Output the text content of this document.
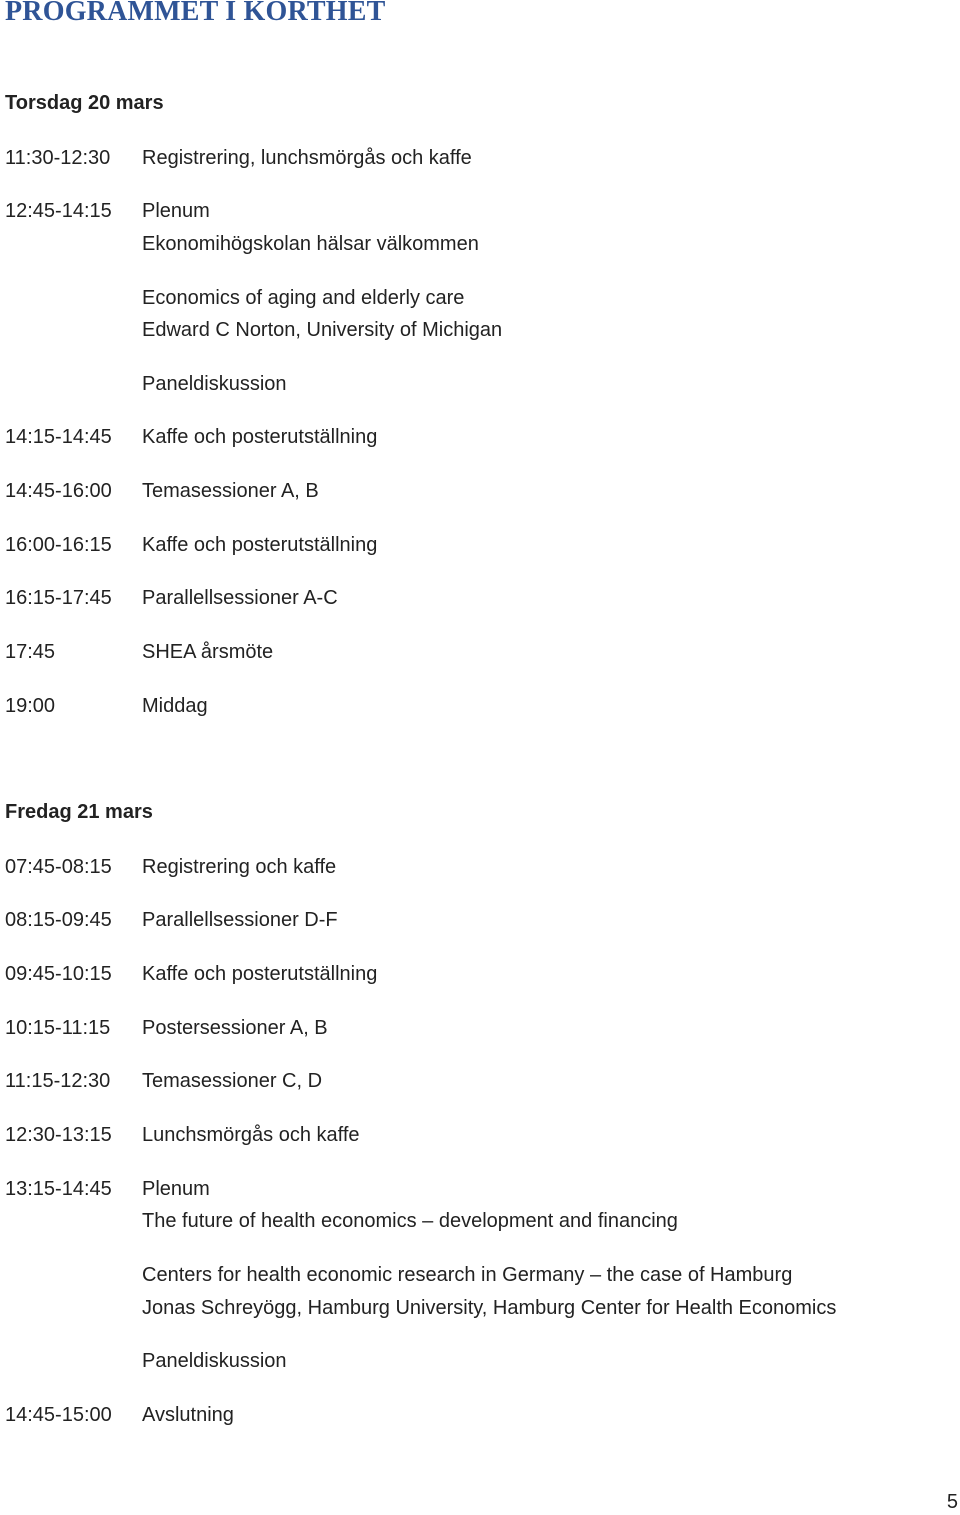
PROGRAMMET I KORTHET
Torsdag 20 mars
11:30-12:30 Registrering, lunchsmörgås och kaffe
12:45-14:15 Plenum
Ekonomihögskolan hälsar välkommen
Economics of aging and elderly care
Edward C Norton, University of Michigan
Paneldiskussion
14:15-14:45 Kaffe och posterutställning
14:45-16:00 Temasessioner A, B
16:00-16:15 Kaffe och posterutställning
16:15-17:45 Parallellsessioner A-C
17:45	SHEA årsmöte
19:00	Middag
Fredag 21 mars
07:45-08:15 Registrering och kaffe
08:15-09:45 Parallellsessioner D-F
09:45-10:15 Kaffe och posterutställning
10:15-11:15 Postersessioner A, B
11:15-12:30 Temasessioner C, D
12:30-13:15 Lunchsmörgås och kaffe
13:15-14:45 Plenum
The future of health economics – development and financing
Centers for health economic research in Germany – the case of Hamburg
Jonas Schreyögg, Hamburg University, Hamburg Center for Health Economics
Paneldiskussion
14:45-15:00 Avslutning
5
